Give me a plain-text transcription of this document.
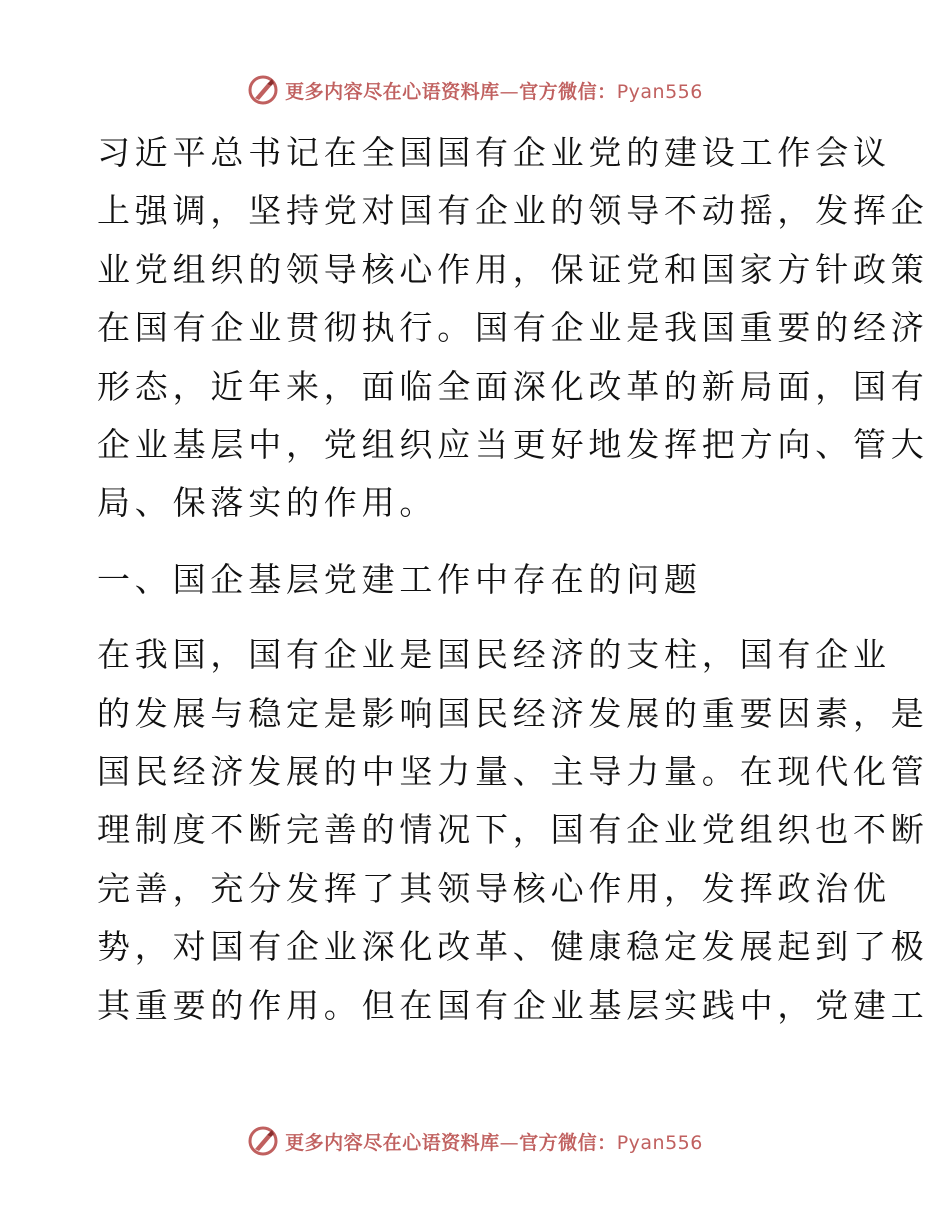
更多内容尽在心语资料库—官方微信：Pyan556
习近平总书记在全国国有企业党的建设工作会议
上强调，坚持党对国有企业的领导不动摇，发挥企
业党组织的领导核心作用，保证党和国家方针政策
在国有企业贯彻执行。国有企业是我国重要的经济
形态，近年来，面临全面深化改革的新局面，国有
企业基层中，党组织应当更好地发挥把方向、管大
局、保落实的作用。
一、国企基层党建工作中存在的问题
在我国，国有企业是国民经济的支柱，国有企业
的发展与稳定是影响国民经济发展的重要因素，是
国民经济发展的中坚力量、主导力量。在现代化管
理制度不断完善的情况下，国有企业党组织也不断
完善，充分发挥了其领导核心作用，发挥政治优
势，对国有企业深化改革、健康稳定发展起到了极
其重要的作用。但在国有企业基层实践中，党建工
更多内容尽在心语资料库—官方微信：Pyan556
